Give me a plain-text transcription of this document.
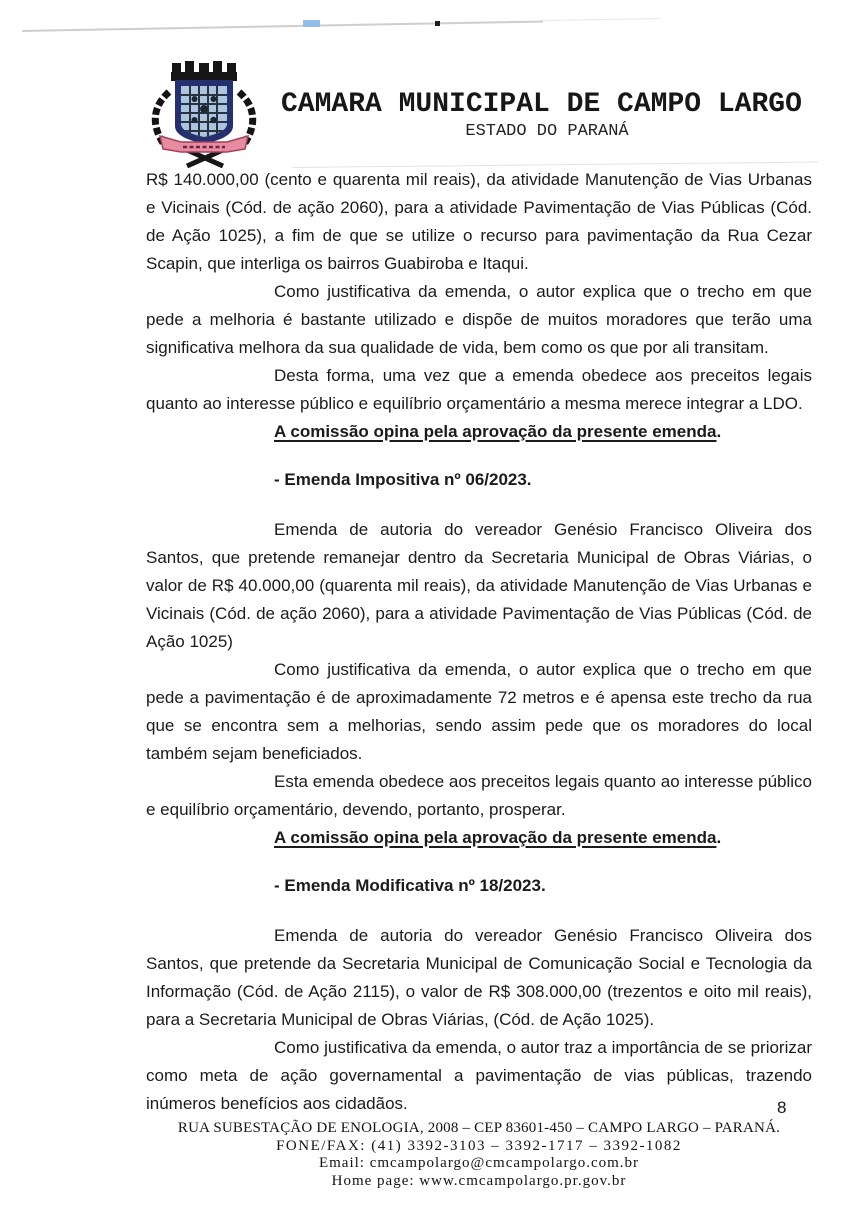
CAMARA MUNICIPAL DE CAMPO LARGO
ESTADO DO PARANÁ

R$ 140.000,00 (cento e quarenta mil reais), da atividade Manutenção de Vias Urbanas e Vicinais (Cód. de ação 2060), para a atividade Pavimentação de Vias Públicas (Cód. de Ação 1025), a fim de que se utilize o recurso para pavimentação da Rua Cezar Scapin, que interliga os bairros Guabiroba e Itaqui.

Como justificativa da emenda, o autor explica que o trecho em que pede a melhoria é bastante utilizado e dispõe de muitos moradores que terão uma significativa melhora da sua qualidade de vida, bem como os que por ali transitam.

Desta forma, uma vez que a emenda obedece aos preceitos legais quanto ao interesse público e equilíbrio orçamentário a mesma merece integrar a LDO.

A comissão opina pela aprovação da presente emenda.

- Emenda Impositiva nº 06/2023.

Emenda de autoria do vereador Genésio Francisco Oliveira dos Santos, que pretende remanejar dentro da Secretaria Municipal de Obras Viárias, o valor de R$ 40.000,00 (quarenta mil reais), da atividade Manutenção de Vias Urbanas e Vicinais (Cód. de ação 2060), para a atividade Pavimentação de Vias Públicas (Cód. de Ação 1025)

Como justificativa da emenda, o autor explica que o trecho em que pede a pavimentação é de aproximadamente 72 metros e é apensa este trecho da rua que se encontra sem a melhorias, sendo assim pede que os moradores do local também sejam beneficiados.

Esta emenda obedece aos preceitos legais quanto ao interesse público e equilíbrio orçamentário, devendo, portanto, prosperar.

A comissão opina pela aprovação da presente emenda.

- Emenda Modificativa nº 18/2023.

Emenda de autoria do vereador Genésio Francisco Oliveira dos Santos, que pretende da Secretaria Municipal de Comunicação Social e Tecnologia da Informação (Cód. de Ação 2115), o valor de R$ 308.000,00 (trezentos e oito mil reais), para a Secretaria Municipal de Obras Viárias, (Cód. de Ação 1025).

Como justificativa da emenda, o autor traz a importância de se priorizar como meta de ação governamental a pavimentação de vias públicas, trazendo inúmeros benefícios aos cidadãos.	8

RUA SUBESTAÇÃO DE ENOLOGIA, 2008 – CEP 83601-450 – CAMPO LARGO – PARANÁ.

FONE/FAX: (41) 3392-3103 – 3392-1717 – 3392-1082

Email: cmcampolargo@cmcampolargo.com.br

Home page: www.cmcampolargo.pr.gov.br
